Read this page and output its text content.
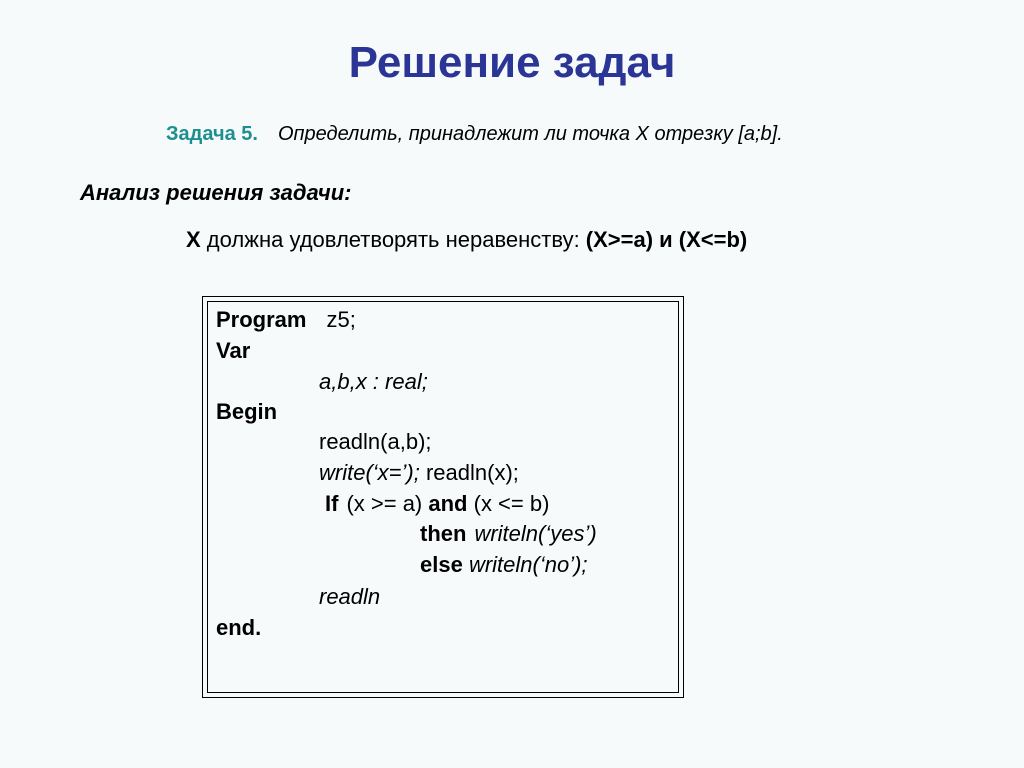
Решение задач
Задача 5. Определить, принадлежит ли точка X отрезку [a;b].
Анализ решения задачи:
X должна удовлетворять неравенству: (X>=a) и (X<=b)
Program z5;
Var
a,b,x : real;
Begin
readln(a,b);
write(‘x=’); readln(x);
If (x >= a) and (x <= b)
then writeln(‘yes’)
else writeln(‘no’);
readln
end.
